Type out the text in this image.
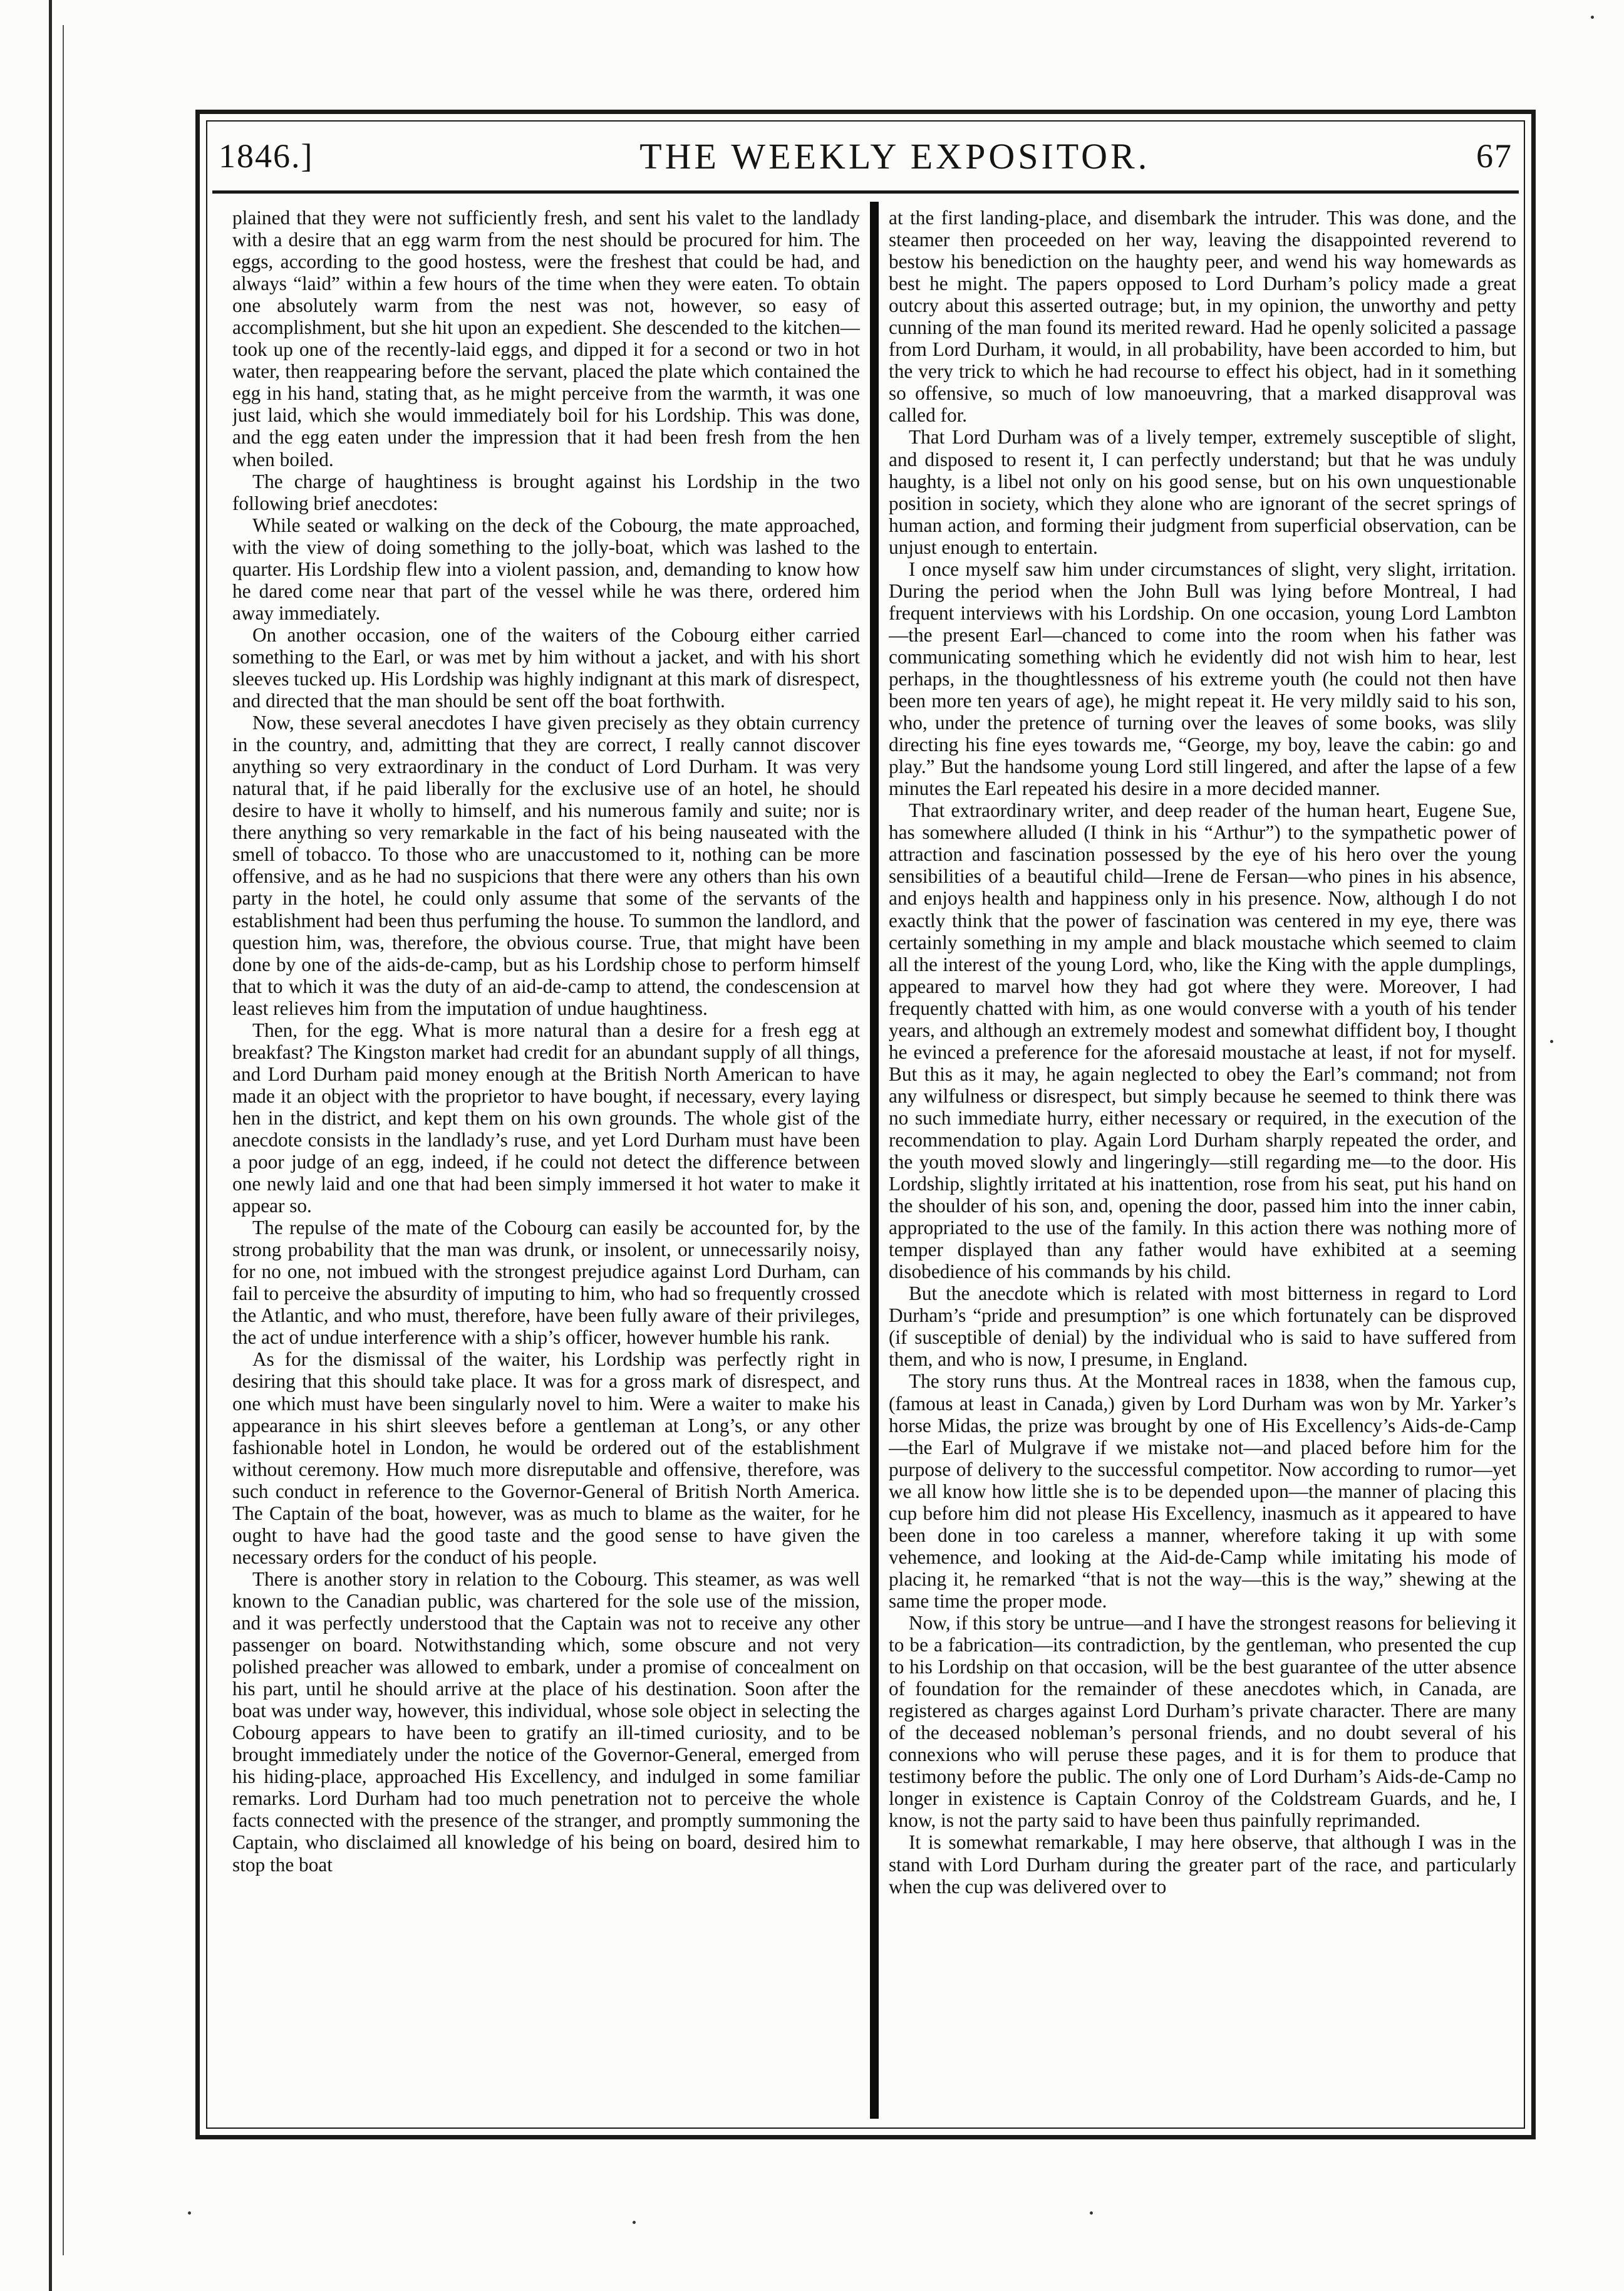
1846.]	THE WEEKLY EXPOSITOR.	67

plained that they were not sufficiently fresh, and sent his valet to the landlady with a desire that an egg warm from the nest should be procured for him. The eggs, according to the good hostess, were the freshest that could be had, and always “laid” within a few hours of the time when they were eaten. To obtain one absolutely warm from the nest was not, however, so easy of accomplishment, but she hit upon an expedient. She descended to the kitchen—took up one of the recently-laid eggs, and dipped it for a second or two in hot water, then reappearing before the servant, placed the plate which contained the egg in his hand, stating that, as he might perceive from the warmth, it was one just laid, which she would immediately boil for his Lordship. This was done, and the egg eaten under the impression that it had been fresh from the hen when boiled.

The charge of haughtiness is brought against his Lordship in the two following brief anecdotes:

While seated or walking on the deck of the Cobourg, the mate approached, with the view of doing something to the jolly-boat, which was lashed to the quarter. His Lordship flew into a violent passion, and, demanding to know how he dared come near that part of the vessel while he was there, ordered him away immediately.

On another occasion, one of the waiters of the Cobourg either carried something to the Earl, or was met by him without a jacket, and with his short sleeves tucked up. His Lordship was highly indignant at this mark of disrespect, and directed that the man should be sent off the boat forthwith.

Now, these several anecdotes I have given precisely as they obtain currency in the country, and, admitting that they are correct, I really cannot discover anything so very extraordinary in the conduct of Lord Durham. It was very natural that, if he paid liberally for the exclusive use of an hotel, he should desire to have it wholly to himself, and his numerous family and suite; nor is there anything so very remarkable in the fact of his being nauseated with the smell of tobacco. To those who are unaccustomed to it, nothing can be more offensive, and as he had no suspicions that there were any others than his own party in the hotel, he could only assume that some of the servants of the establishment had been thus perfuming the house. To summon the landlord, and question him, was, therefore, the obvious course. True, that might have been done by one of the aids-de-camp, but as his Lordship chose to perform himself that to which it was the duty of an aid-de-camp to attend, the condescension at least relieves him from the imputation of undue haughtiness.

Then, for the egg. What is more natural than a desire for a fresh egg at breakfast? The Kingston market had credit for an abundant supply of all things, and Lord Durham paid money enough at the British North American to have made it an object with the proprietor to have bought, if necessary, every laying hen in the district, and kept them on his own grounds. The whole gist of the anecdote consists in the landlady’s ruse, and yet Lord Durham must have been a poor judge of an egg, indeed, if he could not detect the difference between one newly laid and one that had been simply immersed it hot water to make it appear so.

The repulse of the mate of the Cobourg can easily be accounted for, by the strong probability that the man was drunk, or insolent, or unnecessarily noisy, for no one, not imbued with the strongest prejudice against Lord Durham, can fail to perceive the absurdity of imputing to him, who had so frequently crossed the Atlantic, and who must, therefore, have been fully aware of their privileges, the act of undue interference with a ship’s officer, however humble his rank.

As for the dismissal of the waiter, his Lordship was perfectly right in desiring that this should take place. It was for a gross mark of disrespect, and one which must have been singularly novel to him. Were a waiter to make his appearance in his shirt sleeves before a gentleman at Long’s, or any other fashionable hotel in London, he would be ordered out of the establishment without ceremony. How much more disreputable and offensive, therefore, was such conduct in reference to the Governor-General of British North America. The Captain of the boat, however, was as much to blame as the waiter, for he ought to have had the good taste and the good sense to have given the necessary orders for the conduct of his people.

There is another story in relation to the Cobourg. This steamer, as was well known to the Canadian public, was chartered for the sole use of the mission, and it was perfectly understood that the Captain was not to receive any other passenger on board. Notwithstanding which, some obscure and not very polished preacher was allowed to embark, under a promise of concealment on his part, until he should arrive at the place of his destination. Soon after the boat was under way, however, this individual, whose sole object in selecting the Cobourg appears to have been to gratify an ill-timed curiosity, and to be brought immediately under the notice of the Governor-General, emerged from his hiding-place, approached His Excellency, and indulged in some familiar remarks. Lord Durham had too much penetration not to perceive the whole facts connected with the presence of the stranger, and promptly summoning the Captain, who disclaimed all knowledge of his being on board, desired him to stop the boat

at the first landing-place, and disembark the intruder. This was done, and the steamer then proceeded on her way, leaving the disappointed reverend to bestow his benediction on the haughty peer, and wend his way homewards as best he might. The papers opposed to Lord Durham’s policy made a great outcry about this asserted outrage; but, in my opinion, the unworthy and petty cunning of the man found its merited reward. Had he openly solicited a passage from Lord Durham, it would, in all probability, have been accorded to him, but the very trick to which he had recourse to effect his object, had in it something so offensive, so much of low manoeuvring, that a marked disapproval was called for.

That Lord Durham was of a lively temper, extremely susceptible of slight, and disposed to resent it, I can perfectly understand; but that he was unduly haughty, is a libel not only on his good sense, but on his own unquestionable position in society, which they alone who are ignorant of the secret springs of human action, and forming their judgment from superficial observation, can be unjust enough to entertain.

I once myself saw him under circumstances of slight, very slight, irritation. During the period when the John Bull was lying before Montreal, I had frequent interviews with his Lordship. On one occasion, young Lord Lambton—the present Earl—chanced to come into the room when his father was communicating something which he evidently did not wish him to hear, lest perhaps, in the thoughtlessness of his extreme youth (he could not then have been more ten years of age), he might repeat it. He very mildly said to his son, who, under the pretence of turning over the leaves of some books, was slily directing his fine eyes towards me, “George, my boy, leave the cabin: go and play.” But the handsome young Lord still lingered, and after the lapse of a few minutes the Earl repeated his desire in a more decided manner.

That extraordinary writer, and deep reader of the human heart, Eugene Sue, has somewhere alluded (I think in his “Arthur”) to the sympathetic power of attraction and fascination possessed by the eye of his hero over the young sensibilities of a beautiful child—Irene de Fersan—who pines in his absence, and enjoys health and happiness only in his presence. Now, although I do not exactly think that the power of fascination was centered in my eye, there was certainly something in my ample and black moustache which seemed to claim all the interest of the young Lord, who, like the King with the apple dumplings, appeared to marvel how they had got where they were. Moreover, I had frequently chatted with him, as one would converse with a youth of his tender years, and although an extremely modest and somewhat diffident boy, I thought he evinced a preference for the aforesaid moustache at least, if not for myself. But this as it may, he again neglected to obey the Earl’s command; not from any wilfulness or disrespect, but simply because he seemed to think there was no such immediate hurry, either necessary or required, in the execution of the recommendation to play. Again Lord Durham sharply repeated the order, and the youth moved slowly and lingeringly—still regarding me—to the door. His Lordship, slightly irritated at his inattention, rose from his seat, put his hand on the shoulder of his son, and, opening the door, passed him into the inner cabin, appropriated to the use of the family. In this action there was nothing more of temper displayed than any father would have exhibited at a seeming disobedience of his commands by his child.

But the anecdote which is related with most bitterness in regard to Lord Durham’s “pride and presumption” is one which fortunately can be disproved (if susceptible of denial) by the individual who is said to have suffered from them, and who is now, I presume, in England.

The story runs thus. At the Montreal races in 1838, when the famous cup, (famous at least in Canada,) given by Lord Durham was won by Mr. Yarker’s horse Midas, the prize was brought by one of His Excellency’s Aids-de-Camp—the Earl of Mulgrave if we mistake not—and placed before him for the purpose of delivery to the successful competitor. Now according to rumor—yet we all know how little she is to be depended upon—the manner of placing this cup before him did not please His Excellency, inasmuch as it appeared to have been done in too careless a manner, wherefore taking it up with some vehemence, and looking at the Aid-de-Camp while imitating his mode of placing it, he remarked “that is not the way—this is the way,” shewing at the same time the proper mode.

Now, if this story be untrue—and I have the strongest reasons for believing it to be a fabrication—its contradiction, by the gentleman, who presented the cup to his Lordship on that occasion, will be the best guarantee of the utter absence of foundation for the remainder of these anecdotes which, in Canada, are registered as charges against Lord Durham’s private character. There are many of the deceased nobleman’s personal friends, and no doubt several of his connexions who will peruse these pages, and it is for them to produce that testimony before the public. The only one of Lord Durham’s Aids-de-Camp no longer in existence is Captain Conroy of the Coldstream Guards, and he, I know, is not the party said to have been thus painfully reprimanded.

It is somewhat remarkable, I may here observe, that although I was in the stand with Lord Durham during the greater part of the race, and particularly when the cup was delivered over to
